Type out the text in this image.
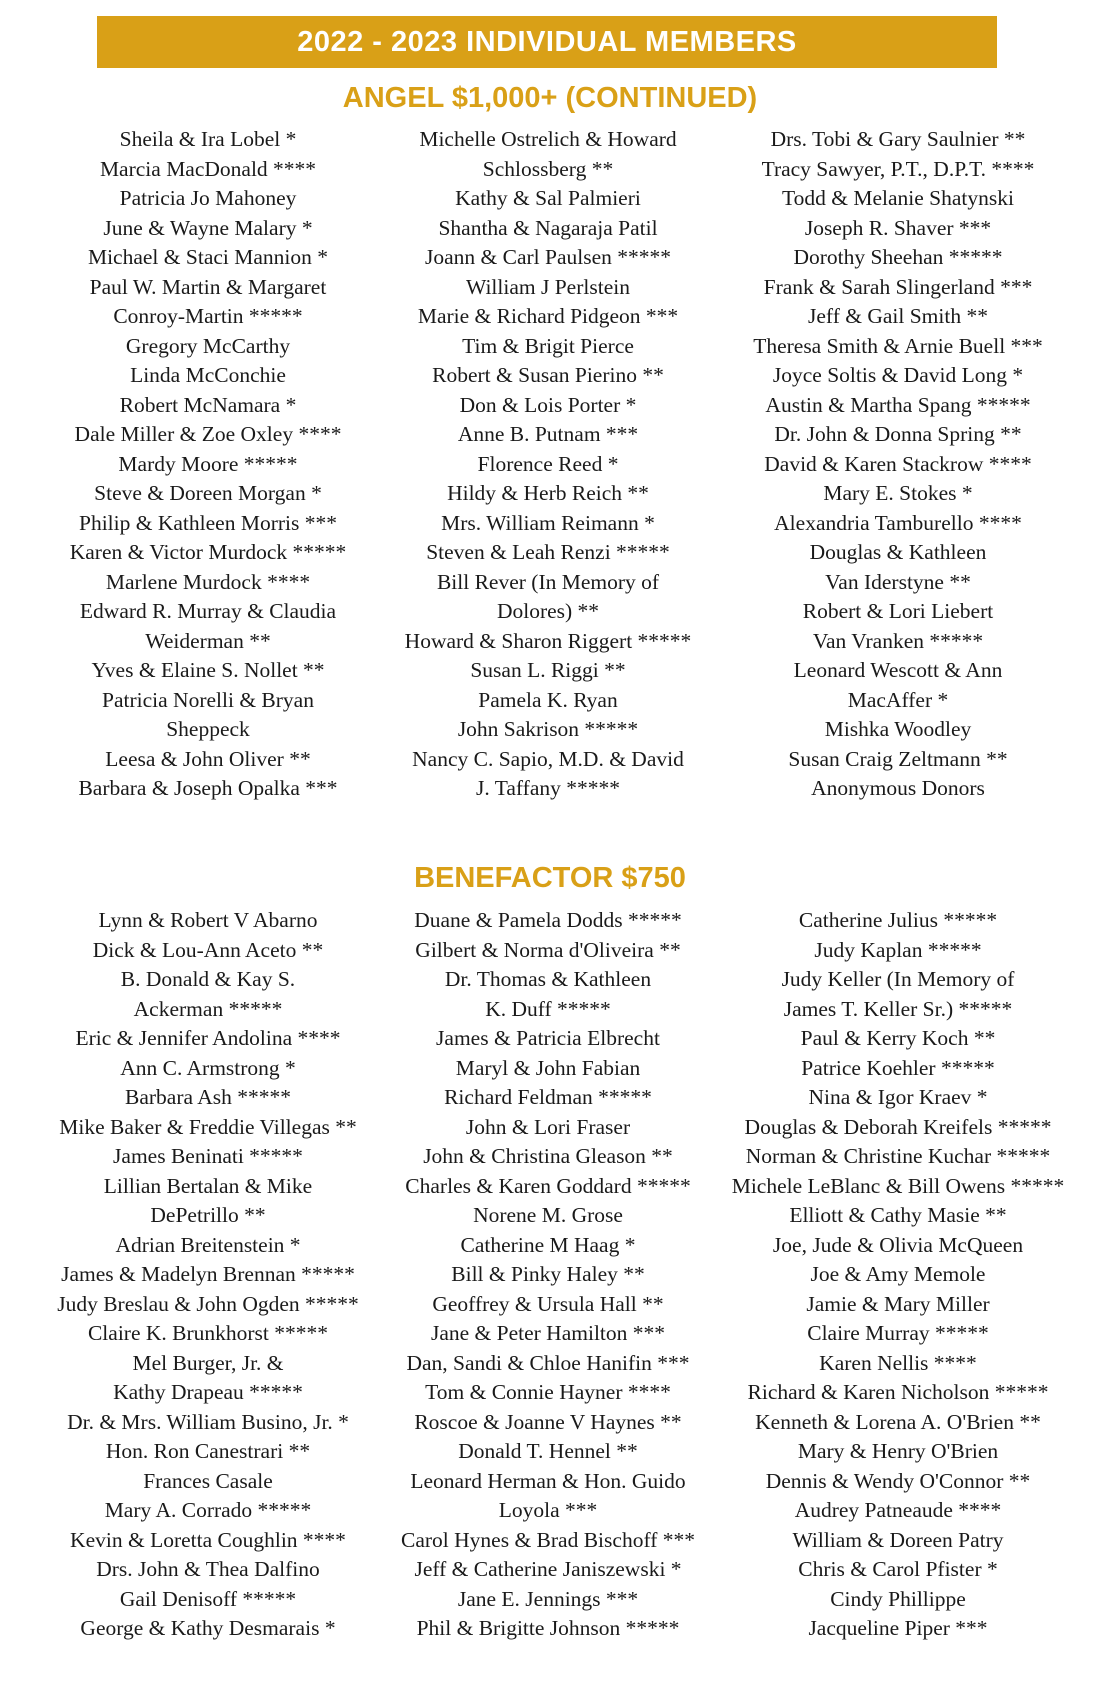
2022 - 2023 INDIVIDUAL MEMBERS
ANGEL $1,000+ (CONTINUED)
Sheila & Ira Lobel *
Marcia MacDonald ****
Patricia Jo Mahoney
June & Wayne Malary *
Michael & Staci Mannion *
Paul W. Martin & Margaret
Conroy-Martin *****
Gregory McCarthy
Linda McConchie
Robert McNamara *
Dale Miller & Zoe Oxley ****
Mardy Moore *****
Steve & Doreen Morgan *
Philip & Kathleen Morris ***
Karen & Victor Murdock *****
Marlene Murdock ****
Edward R. Murray & Claudia
Weiderman **
Yves & Elaine S. Nollet **
Patricia Norelli & Bryan
Sheppeck
Leesa & John Oliver **
Barbara & Joseph Opalka ***
Michelle Ostrelich & Howard
Schlossberg **
Kathy & Sal Palmieri
Shantha & Nagaraja Patil
Joann & Carl Paulsen *****
William J Perlstein
Marie & Richard Pidgeon ***
Tim & Brigit Pierce
Robert & Susan Pierino **
Don & Lois Porter *
Anne B. Putnam ***
Florence Reed *
Hildy & Herb Reich **
Mrs. William Reimann *
Steven & Leah Renzi *****
Bill Rever (In Memory of
Dolores) **
Howard & Sharon Riggert *****
Susan L. Riggi **
Pamela K. Ryan
John Sakrison *****
Nancy C. Sapio, M.D. & David
J. Taffany *****
Drs. Tobi & Gary Saulnier **
Tracy Sawyer, P.T., D.P.T. ****
Todd & Melanie Shatynski
Joseph R. Shaver ***
Dorothy Sheehan *****
Frank & Sarah Slingerland ***
Jeff & Gail Smith **
Theresa Smith & Arnie Buell ***
Joyce Soltis & David Long *
Austin & Martha Spang *****
Dr. John & Donna Spring **
David & Karen Stackrow ****
Mary E. Stokes *
Alexandria Tamburello ****
Douglas & Kathleen
Van Iderstyne **
Robert & Lori Liebert
Van Vranken *****
Leonard Wescott & Ann
MacAffer *
Mishka Woodley
Susan Craig Zeltmann **
Anonymous Donors
BENEFACTOR $750
Lynn & Robert V Abarno
Dick & Lou-Ann Aceto **
B. Donald & Kay S.
Ackerman *****
Eric & Jennifer Andolina ****
Ann C. Armstrong *
Barbara Ash *****
Mike Baker & Freddie Villegas **
James Beninati *****
Lillian Bertalan & Mike
DePetrillo **
Adrian Breitenstein *
James & Madelyn Brennan *****
Judy Breslau & John Ogden *****
Claire K. Brunkhorst *****
Mel Burger, Jr. &
Kathy Drapeau *****
Dr. & Mrs. William Busino, Jr. *
Hon. Ron Canestrari **
Frances Casale
Mary A. Corrado *****
Kevin & Loretta Coughlin ****
Drs. John & Thea Dalfino
Gail Denisoff *****
George & Kathy Desmarais *
Duane & Pamela Dodds *****
Gilbert & Norma d'Oliveira **
Dr. Thomas & Kathleen
K. Duff *****
James & Patricia Elbrecht
Maryl & John Fabian
Richard Feldman *****
John & Lori Fraser
John & Christina Gleason **
Charles & Karen Goddard *****
Norene M. Grose
Catherine M Haag *
Bill & Pinky Haley **
Geoffrey & Ursula Hall **
Jane & Peter Hamilton ***
Dan, Sandi & Chloe Hanifin ***
Tom & Connie Hayner ****
Roscoe & Joanne V Haynes **
Donald T. Hennel **
Leonard Herman & Hon. Guido
Loyola ***
Carol Hynes & Brad Bischoff ***
Jeff & Catherine Janiszewski *
Jane E. Jennings ***
Phil & Brigitte Johnson *****
Catherine Julius *****
Judy Kaplan *****
Judy Keller (In Memory of
James T. Keller Sr.) *****
Paul & Kerry Koch **
Patrice Koehler *****
Nina & Igor Kraev *
Douglas & Deborah Kreifels *****
Norman & Christine Kuchar *****
Michele LeBlanc & Bill Owens *****
Elliott & Cathy Masie **
Joe, Jude & Olivia McQueen
Joe & Amy Memole
Jamie & Mary Miller
Claire Murray *****
Karen Nellis ****
Richard & Karen Nicholson *****
Kenneth & Lorena A. O'Brien **
Mary & Henry O'Brien
Dennis & Wendy O'Connor **
Audrey Patneaude ****
William & Doreen Patry
Chris & Carol Pfister *
Cindy Phillippe
Jacqueline Piper ***
